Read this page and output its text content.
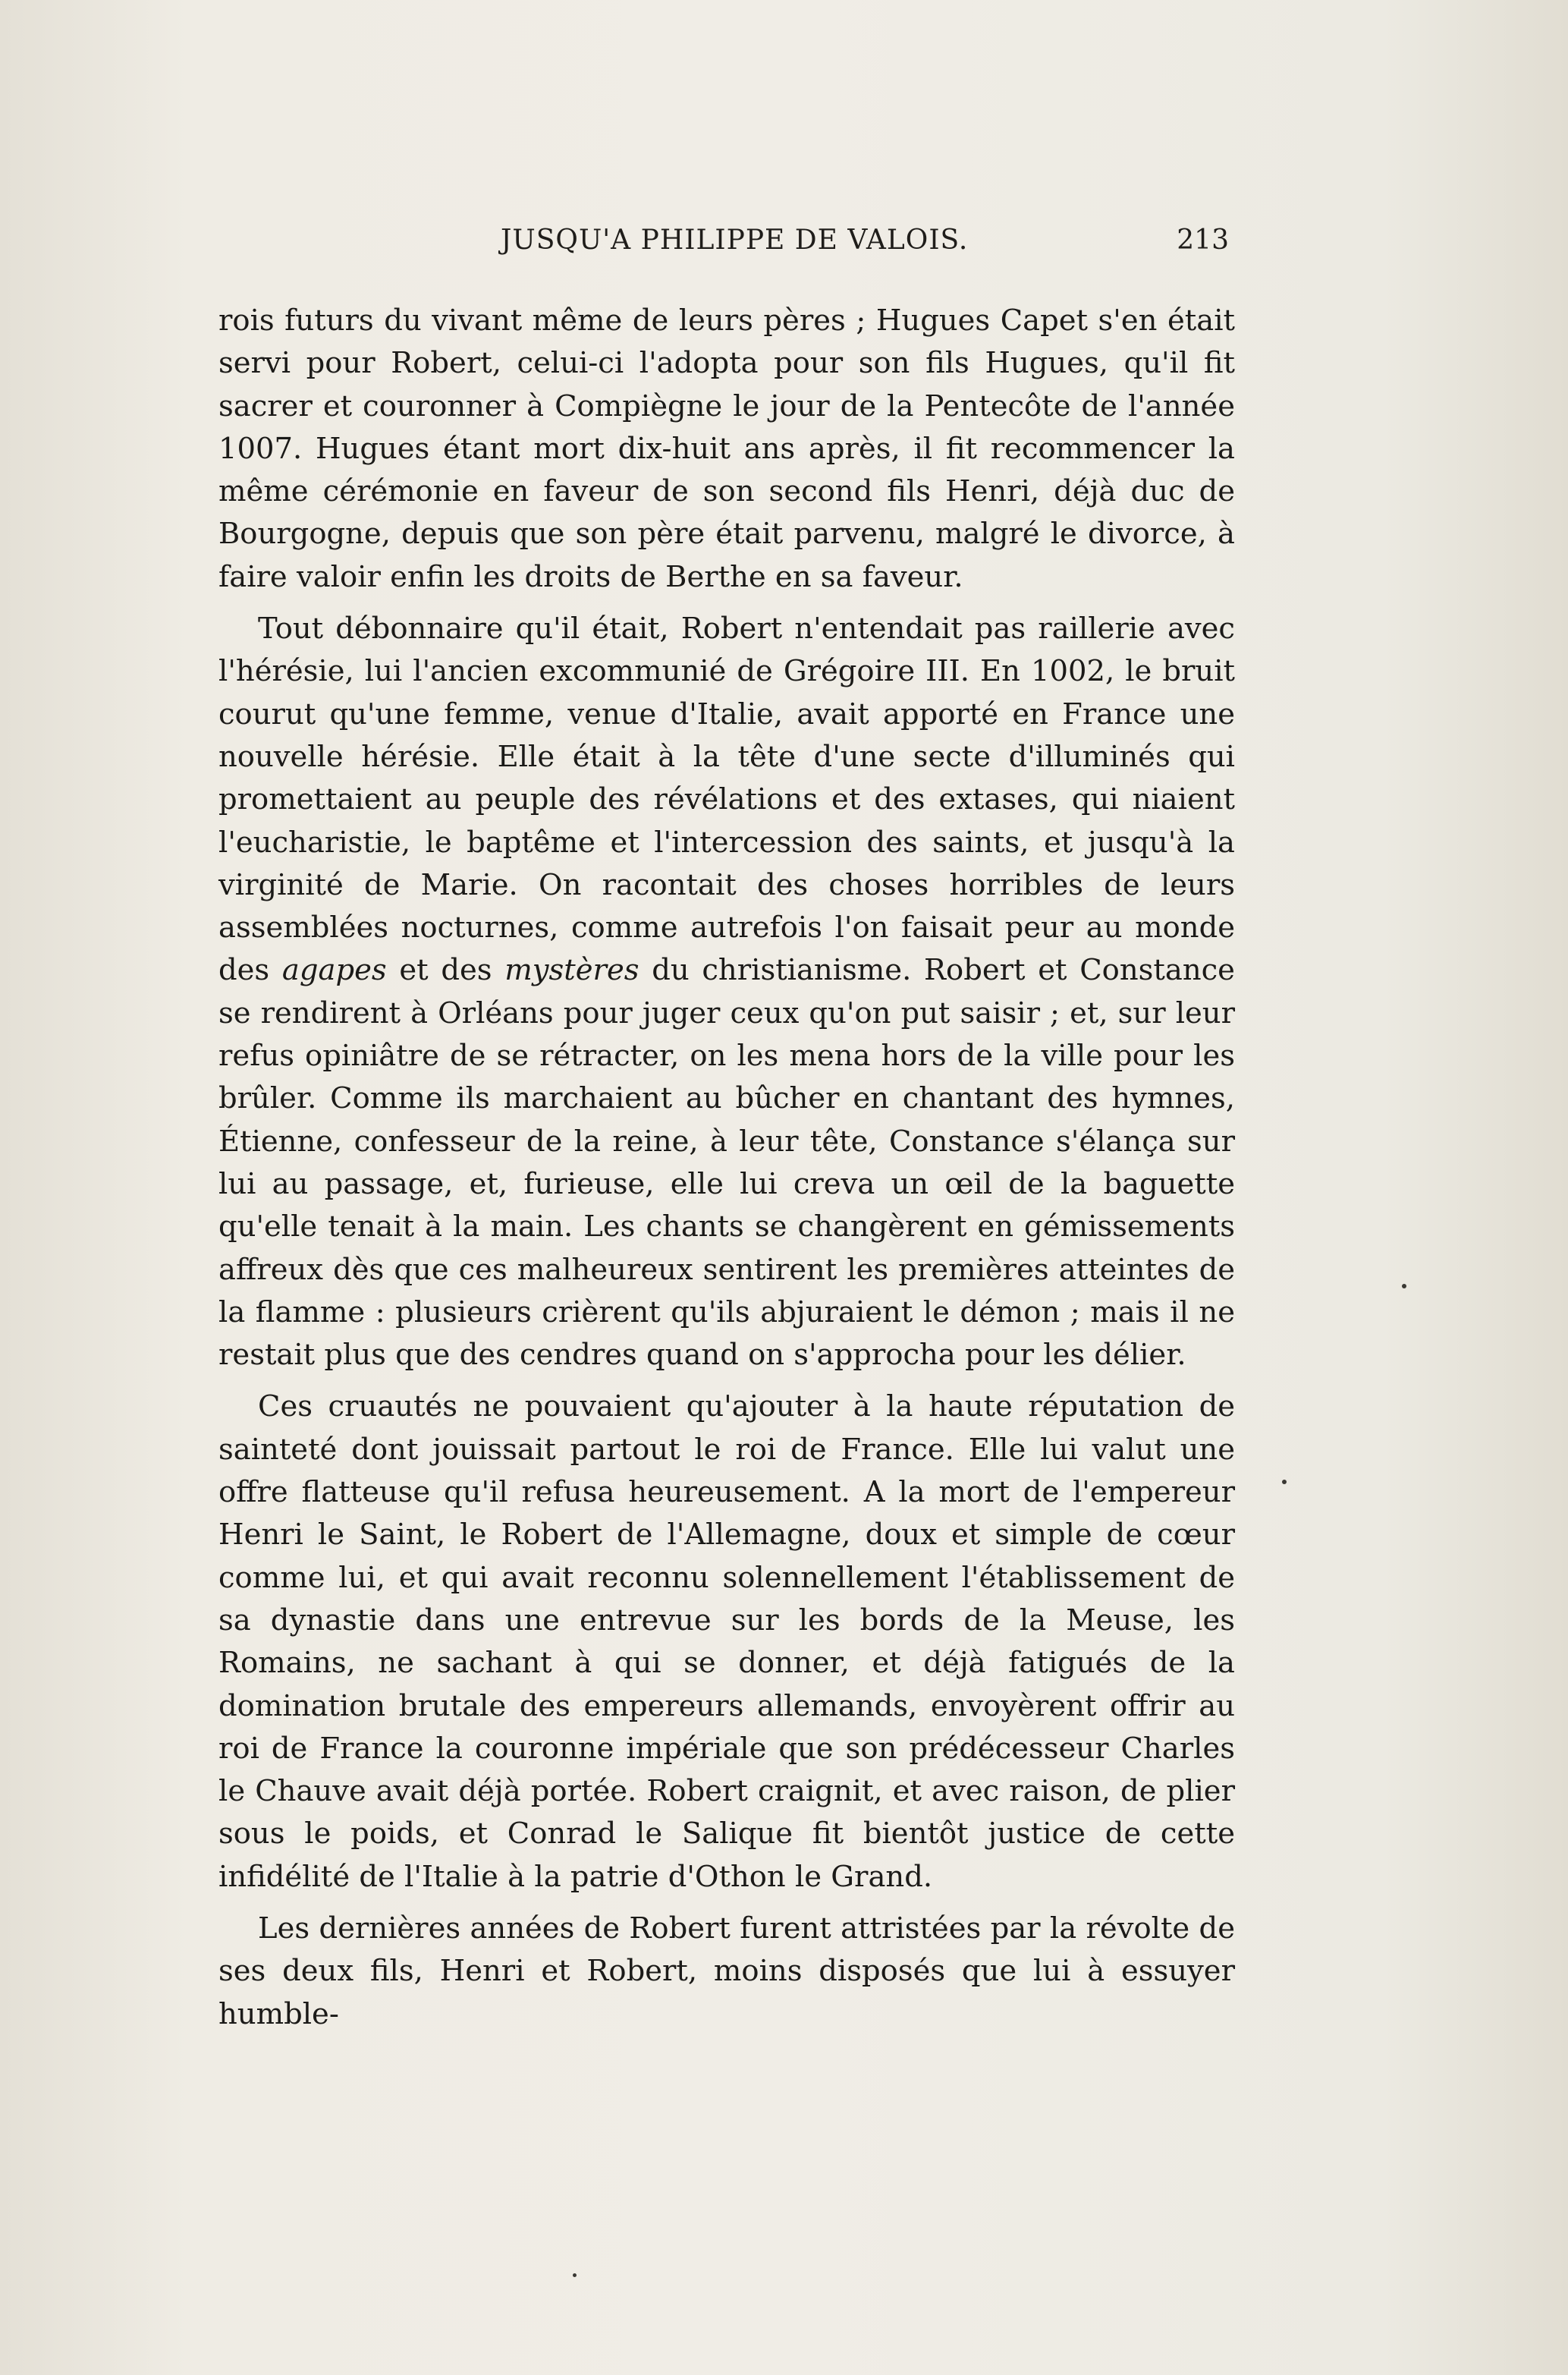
JUSQU'A PHILIPPE DE VALOIS.	213

rois futurs du vivant même de leurs pères ; Hugues Capet s'en était servi pour Robert, celui-ci l'adopta pour son fils Hugues, qu'il fit sacrer et couronner à Compiègne le jour de la Pentecôte de l'année 1007. Hugues étant mort dix-huit ans après, il fit recommencer la même cérémonie en faveur de son second fils Henri, déjà duc de Bourgogne, depuis que son père était parvenu, malgré le divorce, à faire valoir enfin les droits de Berthe en sa faveur.

Tout débonnaire qu'il était, Robert n'entendait pas raillerie avec l'hérésie, lui l'ancien excommunié de Grégoire III. En 1002, le bruit courut qu'une femme, venue d'Italie, avait apporté en France une nouvelle hérésie. Elle était à la tête d'une secte d'illuminés qui promettaient au peuple des révélations et des extases, qui niaient l'eucharistie, le baptême et l'intercession des saints, et jusqu'à la virginité de Marie. On racontait des choses horribles de leurs assemblées nocturnes, comme autrefois l'on faisait peur au monde des agapes et des mystères du christianisme. Robert et Constance se rendirent à Orléans pour juger ceux qu'on put saisir ; et, sur leur refus opiniâtre de se rétracter, on les mena hors de la ville pour les brûler. Comme ils marchaient au bûcher en chantant des hymnes, Étienne, confesseur de la reine, à leur tête, Constance s'élança sur lui au passage, et, furieuse, elle lui creva un œil de la baguette qu'elle tenait à la main. Les chants se changèrent en gémissements affreux dès que ces malheureux sentirent les premières atteintes de la flamme : plusieurs crièrent qu'ils abjuraient le démon ; mais il ne restait plus que des cendres quand on s'approcha pour les délier.

Ces cruautés ne pouvaient qu'ajouter à la haute réputation de sainteté dont jouissait partout le roi de France. Elle lui valut une offre flatteuse qu'il refusa heureusement. A la mort de l'empereur Henri le Saint, le Robert de l'Allemagne, doux et simple de cœur comme lui, et qui avait reconnu solennellement l'établissement de sa dynastie dans une entrevue sur les bords de la Meuse, les Romains, ne sachant à qui se donner, et déjà fatigués de la domination brutale des empereurs allemands, envoyèrent offrir au roi de France la couronne impériale que son prédécesseur Charles le Chauve avait déjà portée. Robert craignit, et avec raison, de plier sous le poids, et Conrad le Salique fit bientôt justice de cette infidélité de l'Italie à la patrie d'Othon le Grand.

Les dernières années de Robert furent attristées par la révolte de ses deux fils, Henri et Robert, moins disposés que lui à essuyer humble-
